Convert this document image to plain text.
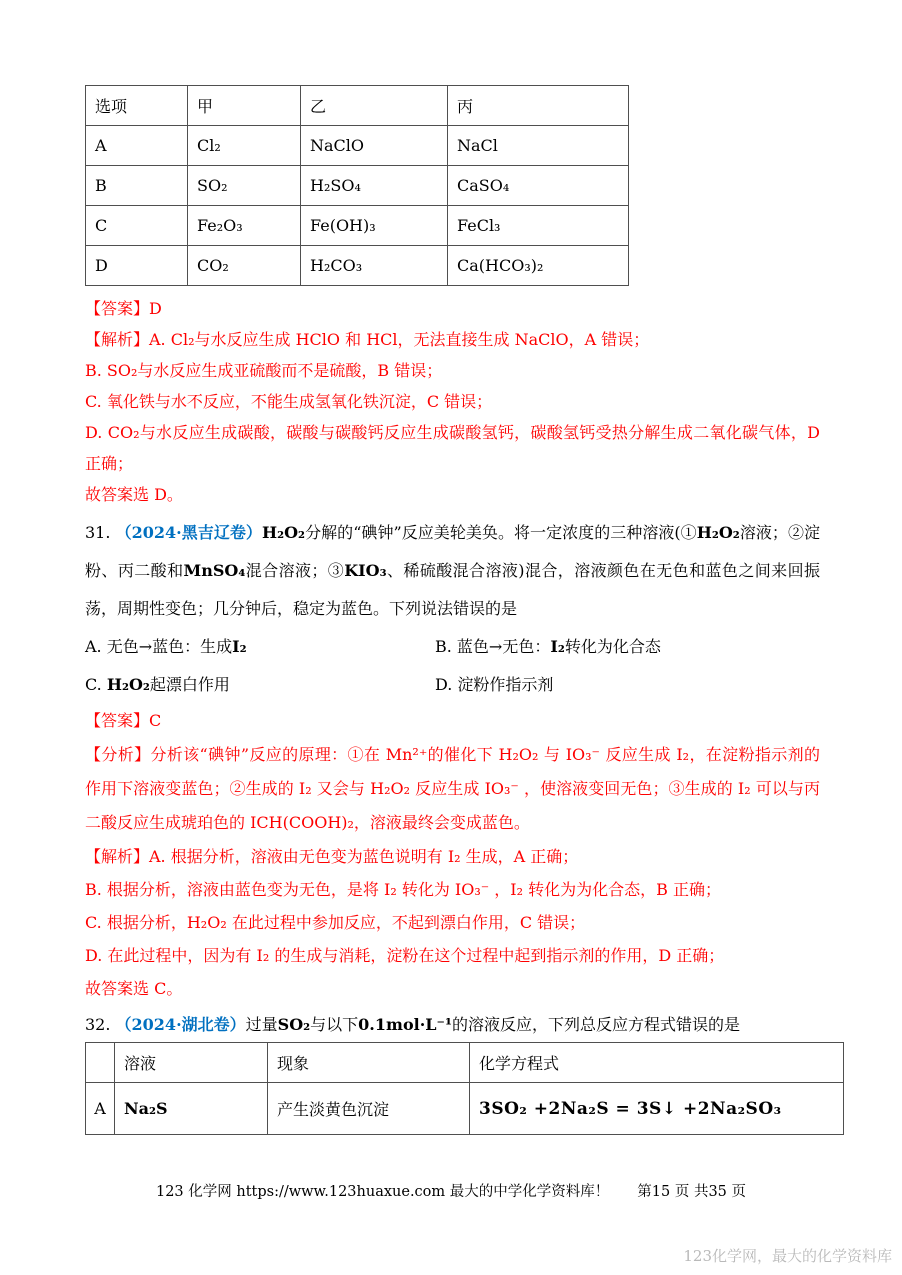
选项	甲	乙	丙
A	Cl₂	NaClO	NaCl
B	SO₂	H₂SO₄	CaSO₄
C	Fe₂O₃	Fe(OH)₃	FeCl₃
D	CO₂	H₂CO₃	Ca(HCO₃)₂
【答案】D
【解析】A. Cl₂与水反应生成 HClO 和 HCl，无法直接生成 NaClO，A 错误；
B. SO₂与水反应生成亚硫酸而不是硫酸，B 错误；
C. 氧化铁与水不反应，不能生成氢氧化铁沉淀，C 错误；
D. CO₂与水反应生成碳酸，碳酸与碳酸钙反应生成碳酸氢钙，碳酸氢钙受热分解生成二氧化碳气体，D 正确；
故答案选 D。
31. （2024·黑吉辽卷）H₂O₂分解的“碘钟”反应美轮美奂。将一定浓度的三种溶液(①H₂O₂溶液；②淀粉、丙二酸和MnSO₄混合溶液；③KIO₃、稀硫酸混合溶液)混合，溶液颜色在无色和蓝色之间来回振荡，周期性变色；几分钟后，稳定为蓝色。下列说法错误的是
A. 无色→蓝色：生成I₂	B. 蓝色→无色：I₂转化为化合态
C. H₂O₂起漂白作用	D. 淀粉作指示剂
【答案】C
【分析】分析该“碘钟”反应的原理：①在 Mn²⁺的催化下 H₂O₂ 与 IO₃⁻ 反应生成 I₂，在淀粉指示剂的作用下溶液变蓝色；②生成的 I₂ 又会与 H₂O₂ 反应生成 IO₃⁻ ，使溶液变回无色；③生成的 I₂ 可以与丙二酸反应生成琥珀色的 ICH(COOH)₂，溶液最终会变成蓝色。
【解析】A. 根据分析，溶液由无色变为蓝色说明有 I₂ 生成，A 正确；
B. 根据分析，溶液由蓝色变为无色，是将 I₂ 转化为 IO₃⁻ ，I₂ 转化为为化合态，B 正确；
C. 根据分析，H₂O₂ 在此过程中参加反应，不起到漂白作用，C 错误；
D. 在此过程中，因为有 I₂ 的生成与消耗，淀粉在这个过程中起到指示剂的作用，D 正确；
故答案选 C。
32. （2024·湖北卷）过量SO₂与以下0.1mol·L⁻¹的溶液反应，下列总反应方程式错误的是
	溶液	现象	化学方程式
A	Na₂S	产生淡黄色沉淀	3SO₂ +2Na₂S = 3S↓ +2Na₂SO₃
123 化学网 https://www.123huaxue.com 最大的中学化学资料库！ 第15 页 共35 页
123化学网，最大的化学资料库
